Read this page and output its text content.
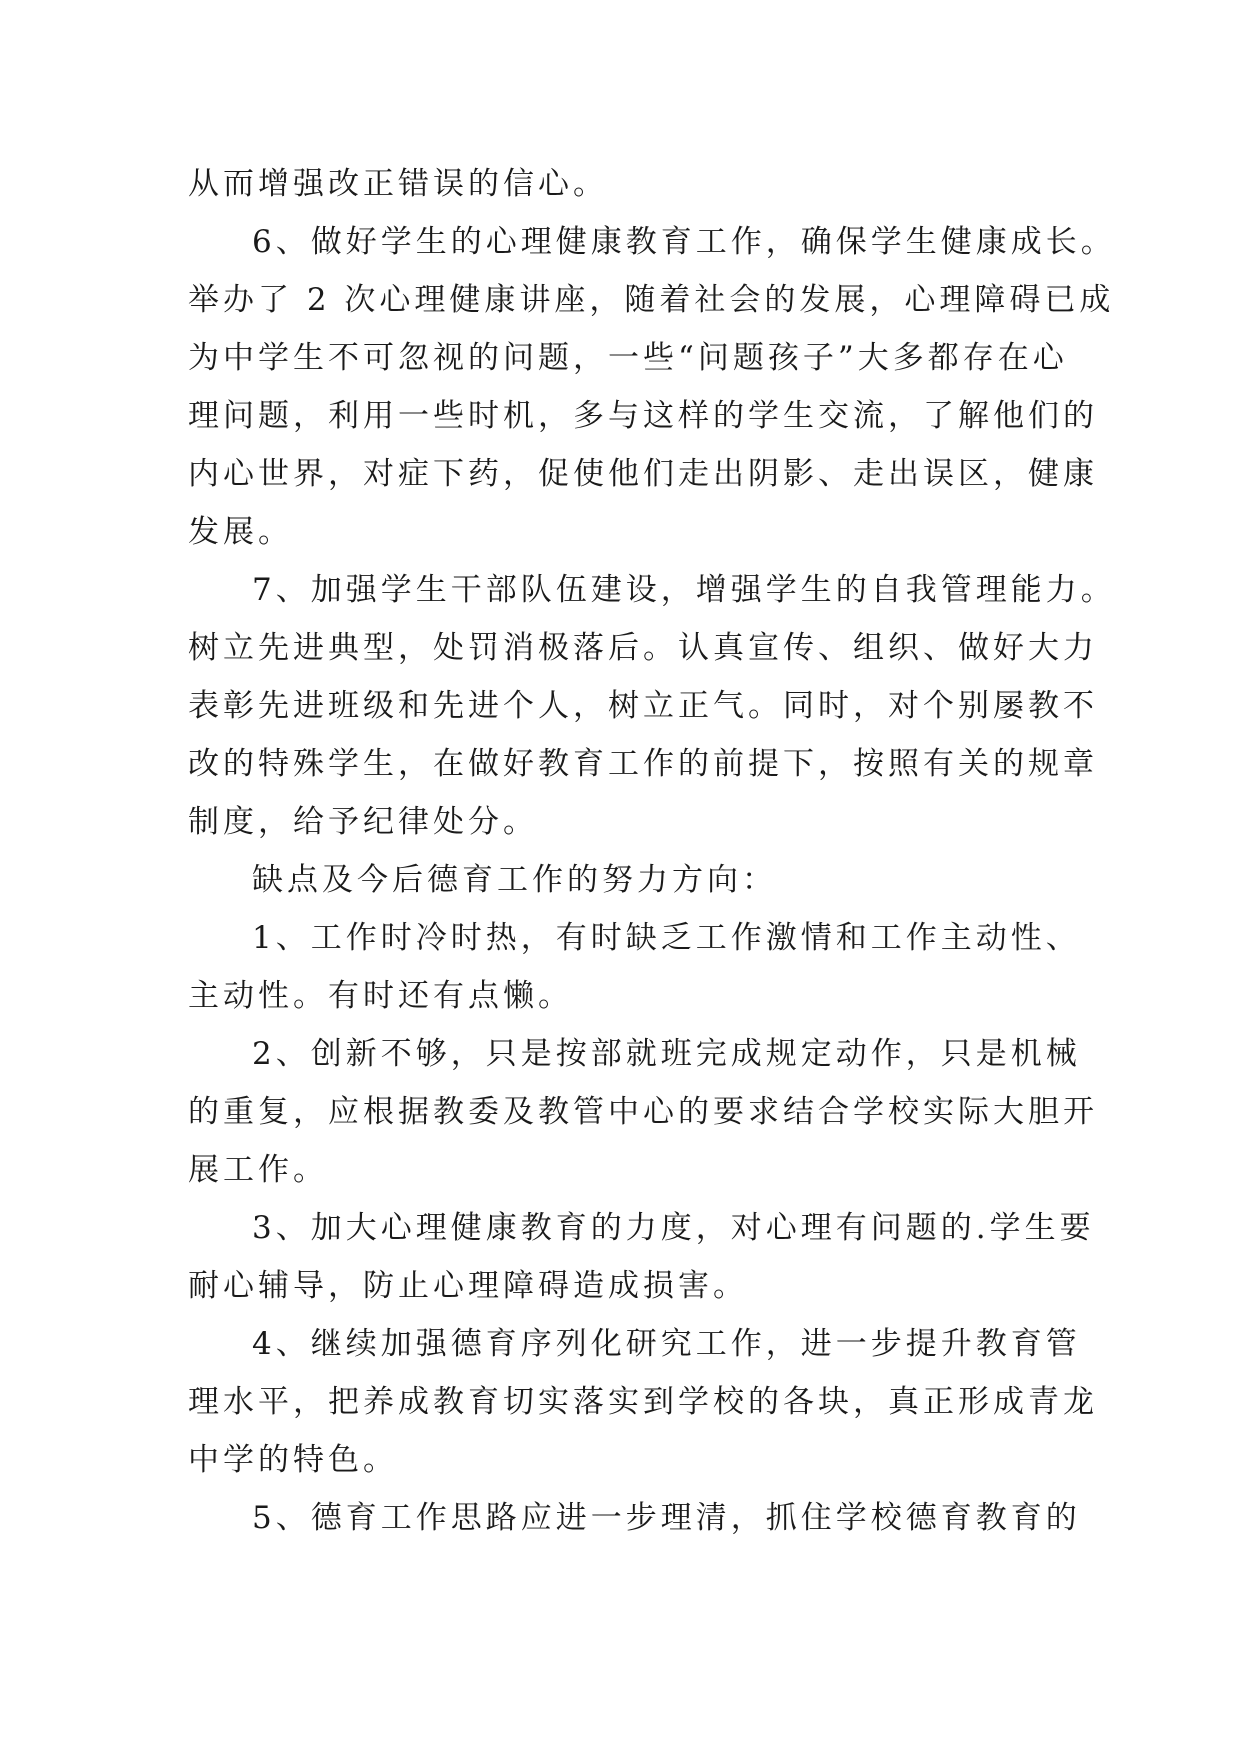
从而增强改正错误的信心。
6、做好学生的心理健康教育工作，确保学生健康成长。
举办了 2 次心理健康讲座，随着社会的发展，心理障碍已成
为中学生不可忽视的问题，一些“问题孩子”大多都存在心
理问题，利用一些时机，多与这样的学生交流，了解他们的
内心世界，对症下药，促使他们走出阴影、走出误区，健康
发展。
7、加强学生干部队伍建设，增强学生的自我管理能力。
树立先进典型，处罚消极落后。认真宣传、组织、做好大力
表彰先进班级和先进个人，树立正气。同时，对个别屡教不
改的特殊学生，在做好教育工作的前提下，按照有关的规章
制度，给予纪律处分。
缺点及今后德育工作的努力方向：
1、工作时冷时热，有时缺乏工作激情和工作主动性、
主动性。有时还有点懒。
2、创新不够，只是按部就班完成规定动作，只是机械
的重复，应根据教委及教管中心的要求结合学校实际大胆开
展工作。
3、加大心理健康教育的力度，对心理有问题的.学生要
耐心辅导，防止心理障碍造成损害。
4、继续加强德育序列化研究工作，进一步提升教育管
理水平，把养成教育切实落实到学校的各块，真正形成青龙
中学的特色。
5、德育工作思路应进一步理清，抓住学校德育教育的
